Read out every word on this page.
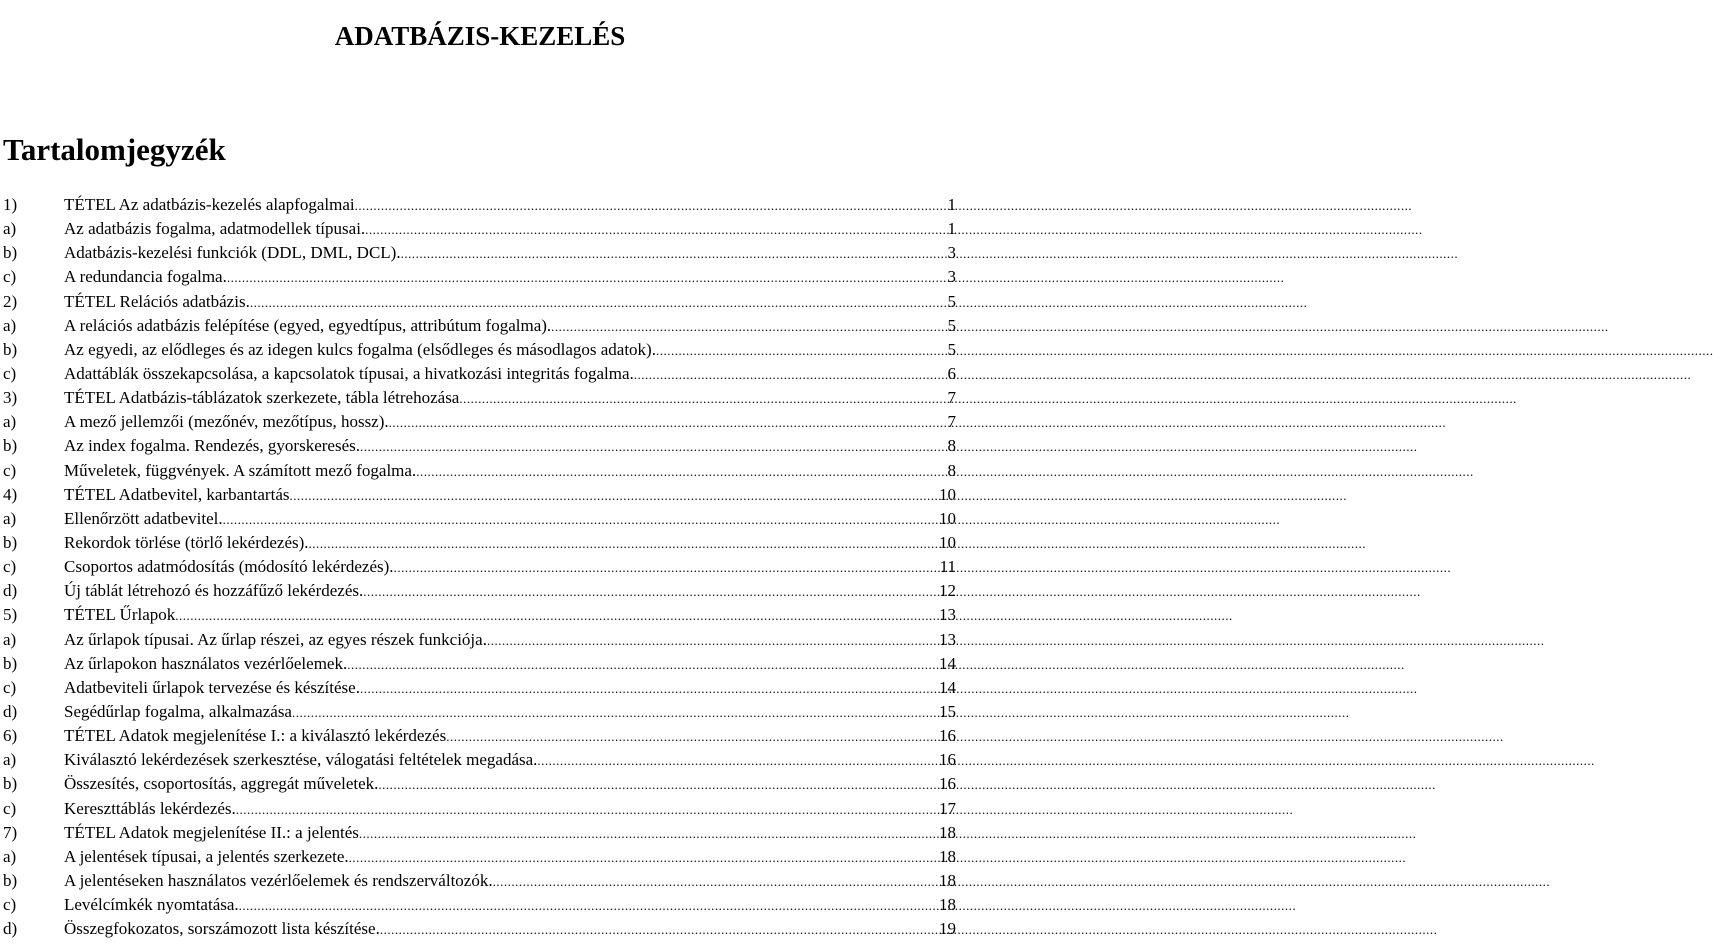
ADATBÁZIS-KEZELÉS
Tartalomjegyzék
1)	TÉTEL Az adatbázis-kezelés alapfogalmai .....	1
a)	Az adatbázis fogalma, adatmodellek típusai. .....	1
b)	Adatbázis-kezelési funkciók (DDL, DML, DCL). .....	3
c)	A redundancia fogalma. .....	3
2)	TÉTEL Relációs adatbázis. .....	5
a)	A relációs adatbázis felépítése (egyed, egyedtípus, attribútum fogalma). .....	5
b)	Az egyedi, az elődleges és az idegen kulcs fogalma (elsődleges és másodlagos adatok). .....	5
c)	Adattáblák összekapcsolása, a kapcsolatok típusai, a hivatkozási integritás fogalma. .....	6
3)	TÉTEL Adatbázis-táblázatok szerkezete, tábla létrehozása .....	7
a)	A mező jellemzői (mezőnév, mezőtípus, hossz). .....	7
b)	Az index fogalma. Rendezés, gyorskeresés. .....	8
c)	Műveletek, függvények. A számított mező fogalma. .....	8
4)	TÉTEL Adatbevitel, karbantartás .....	10
a)	Ellenőrzött adatbevitel. .....	10
b)	Rekordok törlése (törlő lekérdezés). .....	10
c)	Csoportos adatmódosítás (módosító lekérdezés). .....	11
d)	Új táblát létrehozó és hozzáfűző lekérdezés. .....	12
5)	TÉTEL Űrlapok .....	13
a)	Az űrlapok típusai. Az űrlap részei, az egyes részek funkciója. .....	13
b)	Az űrlapokon használatos vezérlőelemek. .....	14
c)	Adatbeviteli űrlapok tervezése és készítése. .....	14
d)	Segédűrlap fogalma, alkalmazása .....	15
6)	TÉTEL Adatok megjelenítése I.: a kiválasztó lekérdezés .....	16
a)	Kiválasztó lekérdezések szerkesztése, válogatási feltételek megadása. .....	16
b)	Összesítés, csoportosítás, aggregát műveletek. .....	16
c)	Kereszttáblás lekérdezés. .....	17
7)	TÉTEL Adatok megjelenítése II.: a jelentés .....	18
a)	A jelentések típusai, a jelentés szerkezete. .....	18
b)	A jelentéseken használatos vezérlőelemek és rendszerváltozók. .....	18
c)	Levélcímkék nyomtatása. .....	18
d)	Összegfokozatos, sorszámozott lista készítése. .....	19
